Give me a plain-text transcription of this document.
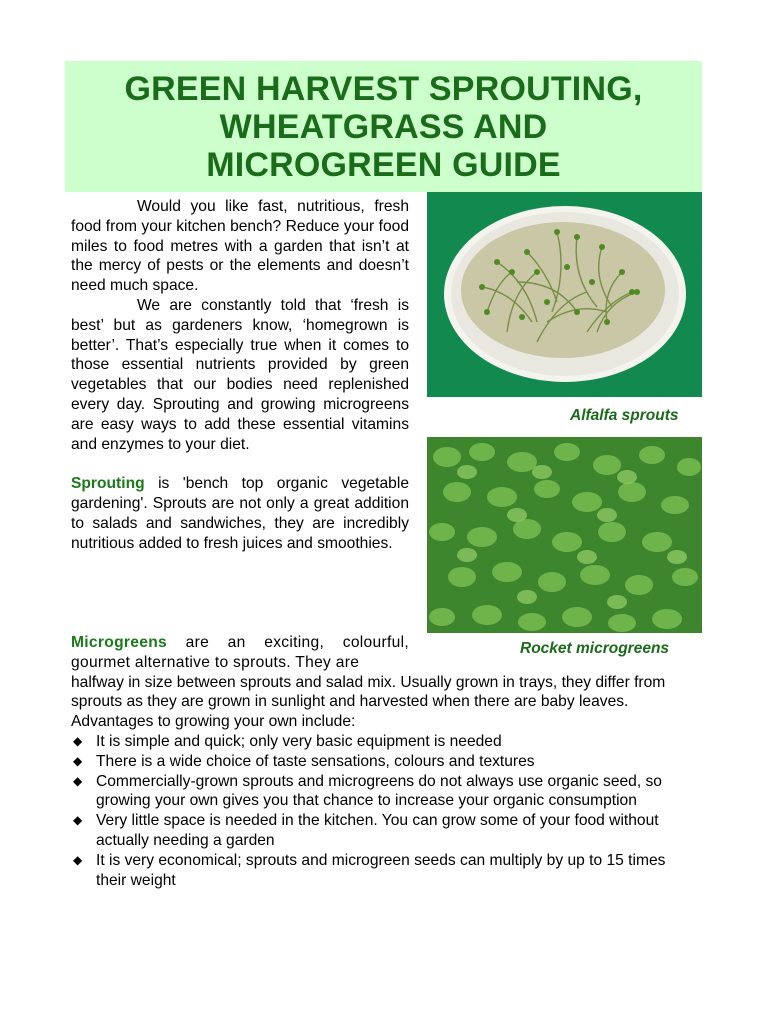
GREEN HARVEST SPROUTING,
WHEATGRASS AND
MICROGREEN GUIDE

Would you like fast, nutritious, fresh food from your kitchen bench? Reduce your food miles to food metres with a garden that isn’t at the mercy of pests or the elements and doesn’t need much space.

We are constantly told that ‘fresh is best’ but as gardeners know, ‘homegrown is better’. That’s especially true when it comes to those essential nutrients provided by green vegetables that our bodies need replenished every day. Sprouting and growing microgreens are easy ways to add these essential vitamins and enzymes to your diet.

Sprouting is 'bench top organic vegetable gardening'. Sprouts are not only a great addition to salads and sandwiches, they are incredibly nutritious added to fresh juices and smoothies.

Alfalfa sprouts
Rocket microgreens

Microgreens are an exciting, colourful, gourmet alternative to sprouts. They are

halfway in size between sprouts and salad mix. Usually grown in trays, they differ from sprouts as they are grown in sunlight and harvested when there are baby leaves.

Advantages to growing your own include:

◆ It is simple and quick; only very basic equipment is needed
◆ There is a wide choice of taste sensations, colours and textures
◆ Commercially-grown sprouts and microgreens do not always use organic seed, so growing your own gives you that chance to increase your organic consumption
◆ Very little space is needed in the kitchen. You can grow some of your food without actually needing a garden
◆ It is very economical; sprouts and microgreen seeds can multiply by up to 15 times their weight
